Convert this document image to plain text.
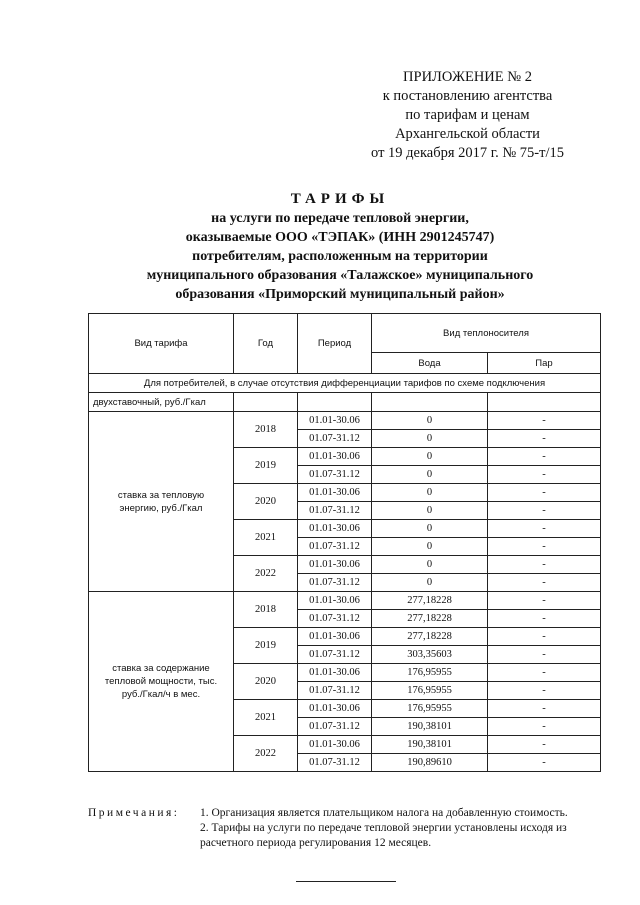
ПРИЛОЖЕНИЕ № 2
к постановлению агентства
по тарифам и ценам
Архангельской области
от 19 декабря 2017 г. № 75-т/15
ТАРИФЫ
на услуги по передаче тепловой энергии,
оказываемые ООО «ТЭПАК» (ИНН 2901245747)
потребителям, расположенным на территории
муниципального образования «Талажское» муниципального
образования «Приморский муниципальный район»
Вид тарифа	Год	Период	Вид теплоносителя	
			Вода	Пар
Для потребителей, в случае отсутствия дифференциации тарифов по схеме подключения				
двухставочный, руб./Гкал				
ставка за тепловую энергию, руб./Гкал	2018	01.01-30.06	0	-
		01.07-31.12	0	-
	2019	01.01-30.06	0	-
		01.07-31.12	0	-
	2020	01.01-30.06	0	-
		01.07-31.12	0	-
	2021	01.01-30.06	0	-
		01.07-31.12	0	-
	2022	01.01-30.06	0	-
		01.07-31.12	0	-
ставка за содержание тепловой мощности, тыс. руб./Гкал/ч в мес.	2018	01.01-30.06	277,18228	-
		01.07-31.12	277,18228	-
	2019	01.01-30.06	277,18228	-
		01.07-31.12	303,35603	-
	2020	01.01-30.06	176,95955	-
		01.07-31.12	176,95955	-
	2021	01.01-30.06	176,95955	-
		01.07-31.12	190,38101	-
	2022	01.01-30.06	190,38101	-
		01.07-31.12	190,89610	-
Примечания: 1. Организация является плательщиком налога на добавленную стоимость.
2. Тарифы на услуги по передаче тепловой энергии установлены исходя из расчетного периода регулирования 12 месяцев.
